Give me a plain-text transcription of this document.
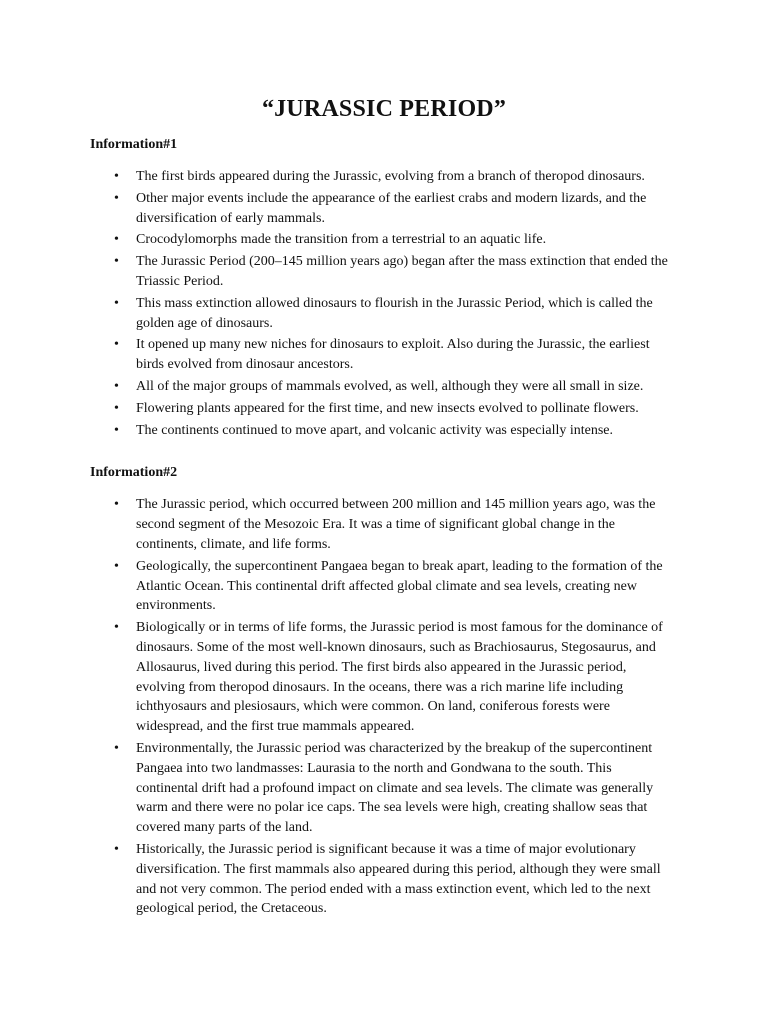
“JURASSIC PERIOD”
Information#1
• The first birds appeared during the Jurassic, evolving from a branch of theropod dinosaurs.
• Other major events include the appearance of the earliest crabs and modern lizards, and the diversification of early mammals.
• Crocodylomorphs made the transition from a terrestrial to an aquatic life.
• The Jurassic Period (200–145 million years ago) began after the mass extinction that ended the Triassic Period.
• This mass extinction allowed dinosaurs to flourish in the Jurassic Period, which is called the golden age of dinosaurs.
• It opened up many new niches for dinosaurs to exploit. Also during the Jurassic, the earliest birds evolved from dinosaur ancestors.
• All of the major groups of mammals evolved, as well, although they were all small in size.
• Flowering plants appeared for the first time, and new insects evolved to pollinate flowers.
• The continents continued to move apart, and volcanic activity was especially intense.
Information#2
• The Jurassic period, which occurred between 200 million and 145 million years ago, was the second segment of the Mesozoic Era. It was a time of significant global change in the continents, climate, and life forms.
• Geologically, the supercontinent Pangaea began to break apart, leading to the formation of the Atlantic Ocean. This continental drift affected global climate and sea levels, creating new environments.
• Biologically or in terms of life forms, the Jurassic period is most famous for the dominance of dinosaurs. Some of the most well-known dinosaurs, such as Brachiosaurus, Stegosaurus, and Allosaurus, lived during this period. The first birds also appeared in the Jurassic period, evolving from theropod dinosaurs. In the oceans, there was a rich marine life including ichthyosaurs and plesiosaurs, which were common. On land, coniferous forests were widespread, and the first true mammals appeared.
• Environmentally, the Jurassic period was characterized by the breakup of the supercontinent Pangaea into two landmasses: Laurasia to the north and Gondwana to the south. This continental drift had a profound impact on climate and sea levels. The climate was generally warm and there were no polar ice caps. The sea levels were high, creating shallow seas that covered many parts of the land.
• Historically, the Jurassic period is significant because it was a time of major evolutionary diversification. The first mammals also appeared during this period, although they were small and not very common. The period ended with a mass extinction event, which led to the next geological period, the Cretaceous.
